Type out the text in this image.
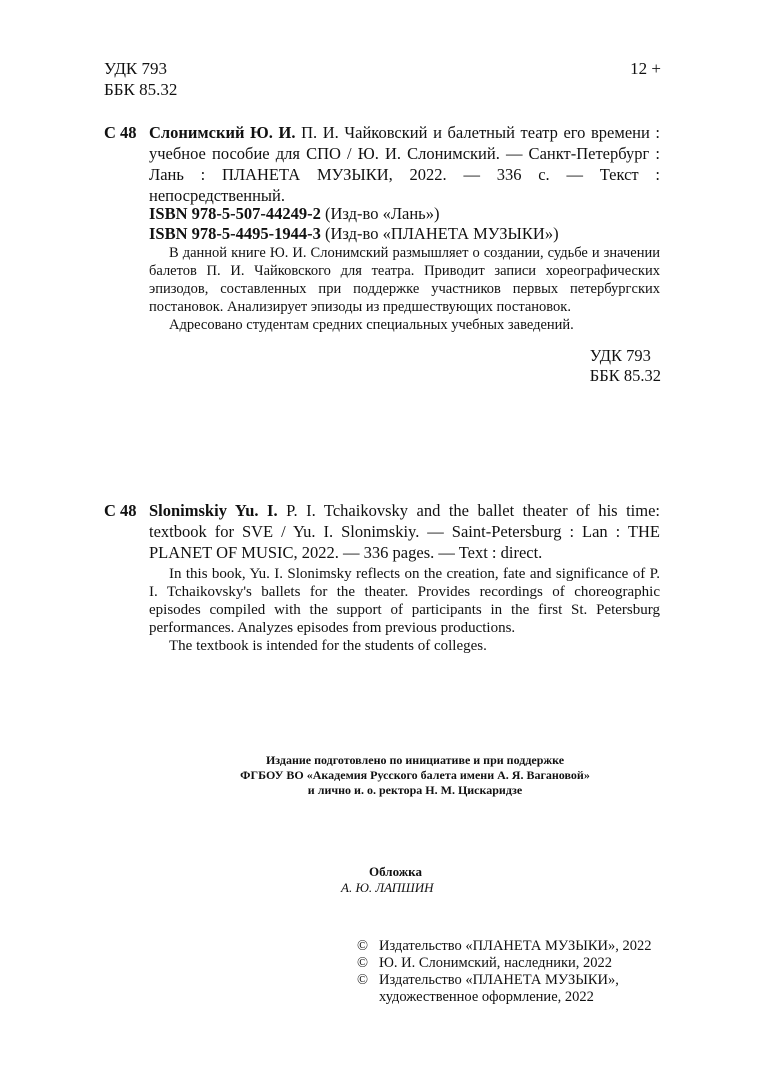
УДК 793
ББК 85.32
12 +
С 48 Слонимский Ю. И. П. И. Чайковский и балетный театр его времени : учебное пособие для СПО / Ю. И. Слонимский. — Санкт-Петербург : Лань : ПЛАНЕТА МУЗЫКИ, 2022. — 336 с. — Текст : непосредственный.
ISBN 978-5-507-44249-2 (Изд-во «Лань»)
ISBN 978-5-4495-1944-3 (Изд-во «ПЛАНЕТА МУЗЫКИ»)

В данной книге Ю. И. Слонимский размышляет о создании, судьбе и значении балетов П. И. Чайковского для театра. Приводит записи хореографических эпизодов, составленных при поддержке участников первых петербургских постановок. Анализирует эпизоды из предшествующих постановок.

Адресовано студентам средних специальных учебных заведений.

УДК 793
ББК 85.32
С 48 Slonimskiy Yu. I. P. I. Tchaikovsky and the ballet theater of his time: textbook for SVE / Yu. I. Slonimskiy. — Saint-Petersburg : Lan : THE PLANET OF MUSIC, 2022. — 336 pages. — Text : direct.

In this book, Yu. I. Slonimsky reflects on the creation, fate and significance of P. I. Tchaikovsky's ballets for the theater. Provides recordings of choreographic episodes compiled with the support of participants in the first St. Petersburg performances. Analyzes episodes from previous productions.

The textbook is intended for the students of colleges.

Издание подготовлено по инициативе и при поддержке
ФГБОУ ВО «Академия Русского балета имени А. Я. Вагановой»
и лично и. о. ректора Н. М. Цискаридзе
Обложка
А. Ю. ЛАПШИН
© Издательство «ПЛАНЕТА МУЗЫКИ», 2022
© Ю. И. Слонимский, наследники, 2022
© Издательство «ПЛАНЕТА МУЗЫКИ»,
художественное оформление, 2022
